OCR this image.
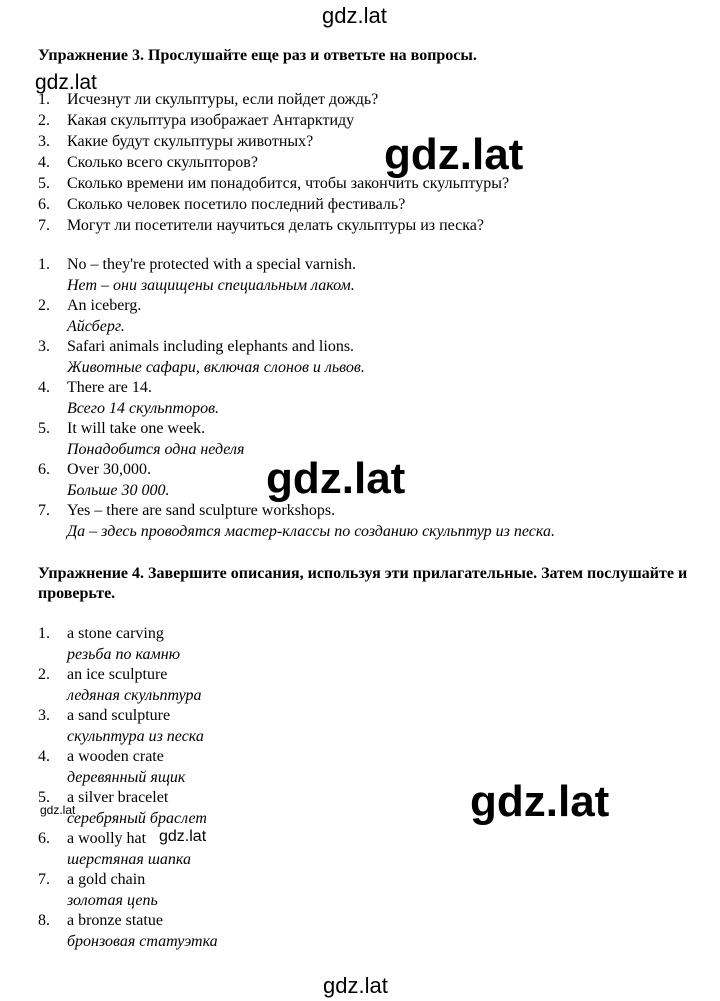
gdz.lat
Упражнение 3. Прослушайте еще раз и ответьте на вопросы.
gdz.lat
1. Исчезнут ли скульптуры, если пойдет дождь?
2. Какая скульптура изображает Антарктиду
3. Какие будут скульптуры животных?
4. Сколько всего скульпторов?
5. Сколько времени им понадобится, чтобы закончить скульптуры?
6. Сколько человек посетило последний фестиваль?
7. Могут ли посетители научиться делать скульптуры из песка?
gdz.lat
1. No – they're protected with a special varnish.
Нет – они защищены специальным лаком.
2. An iceberg.
Айсберг.
3. Safari animals including elephants and lions.
Животные сафари, включая слонов и львов.
4. There are 14.
Всего 14 скульпторов.
5. It will take one week.
Понадобится одна неделя
6. Over 30,000.
Больше 30 000.
7. Yes – there are sand sculpture workshops.
Да – здесь проводятся мастер-классы по созданию скульптур из песка.
gdz.lat
Упражнение 4. Завершите описания, используя эти прилагательные. Затем послушайте и проверьте.
1. a stone carving
резьба по камню
2. an ice sculpture
ледяная скульптура
3. a sand sculpture
скульптура из песка
4. a wooden crate
деревянный ящик
5. a silver bracelet
серебряный браслет
6. a woolly hat
шерстяная шапка
7. a gold chain
золотая цепь
8. a bronze statue
бронзовая статуэтка
gdz.lat
gdz.lat
gdz.lat
gdz.lat
